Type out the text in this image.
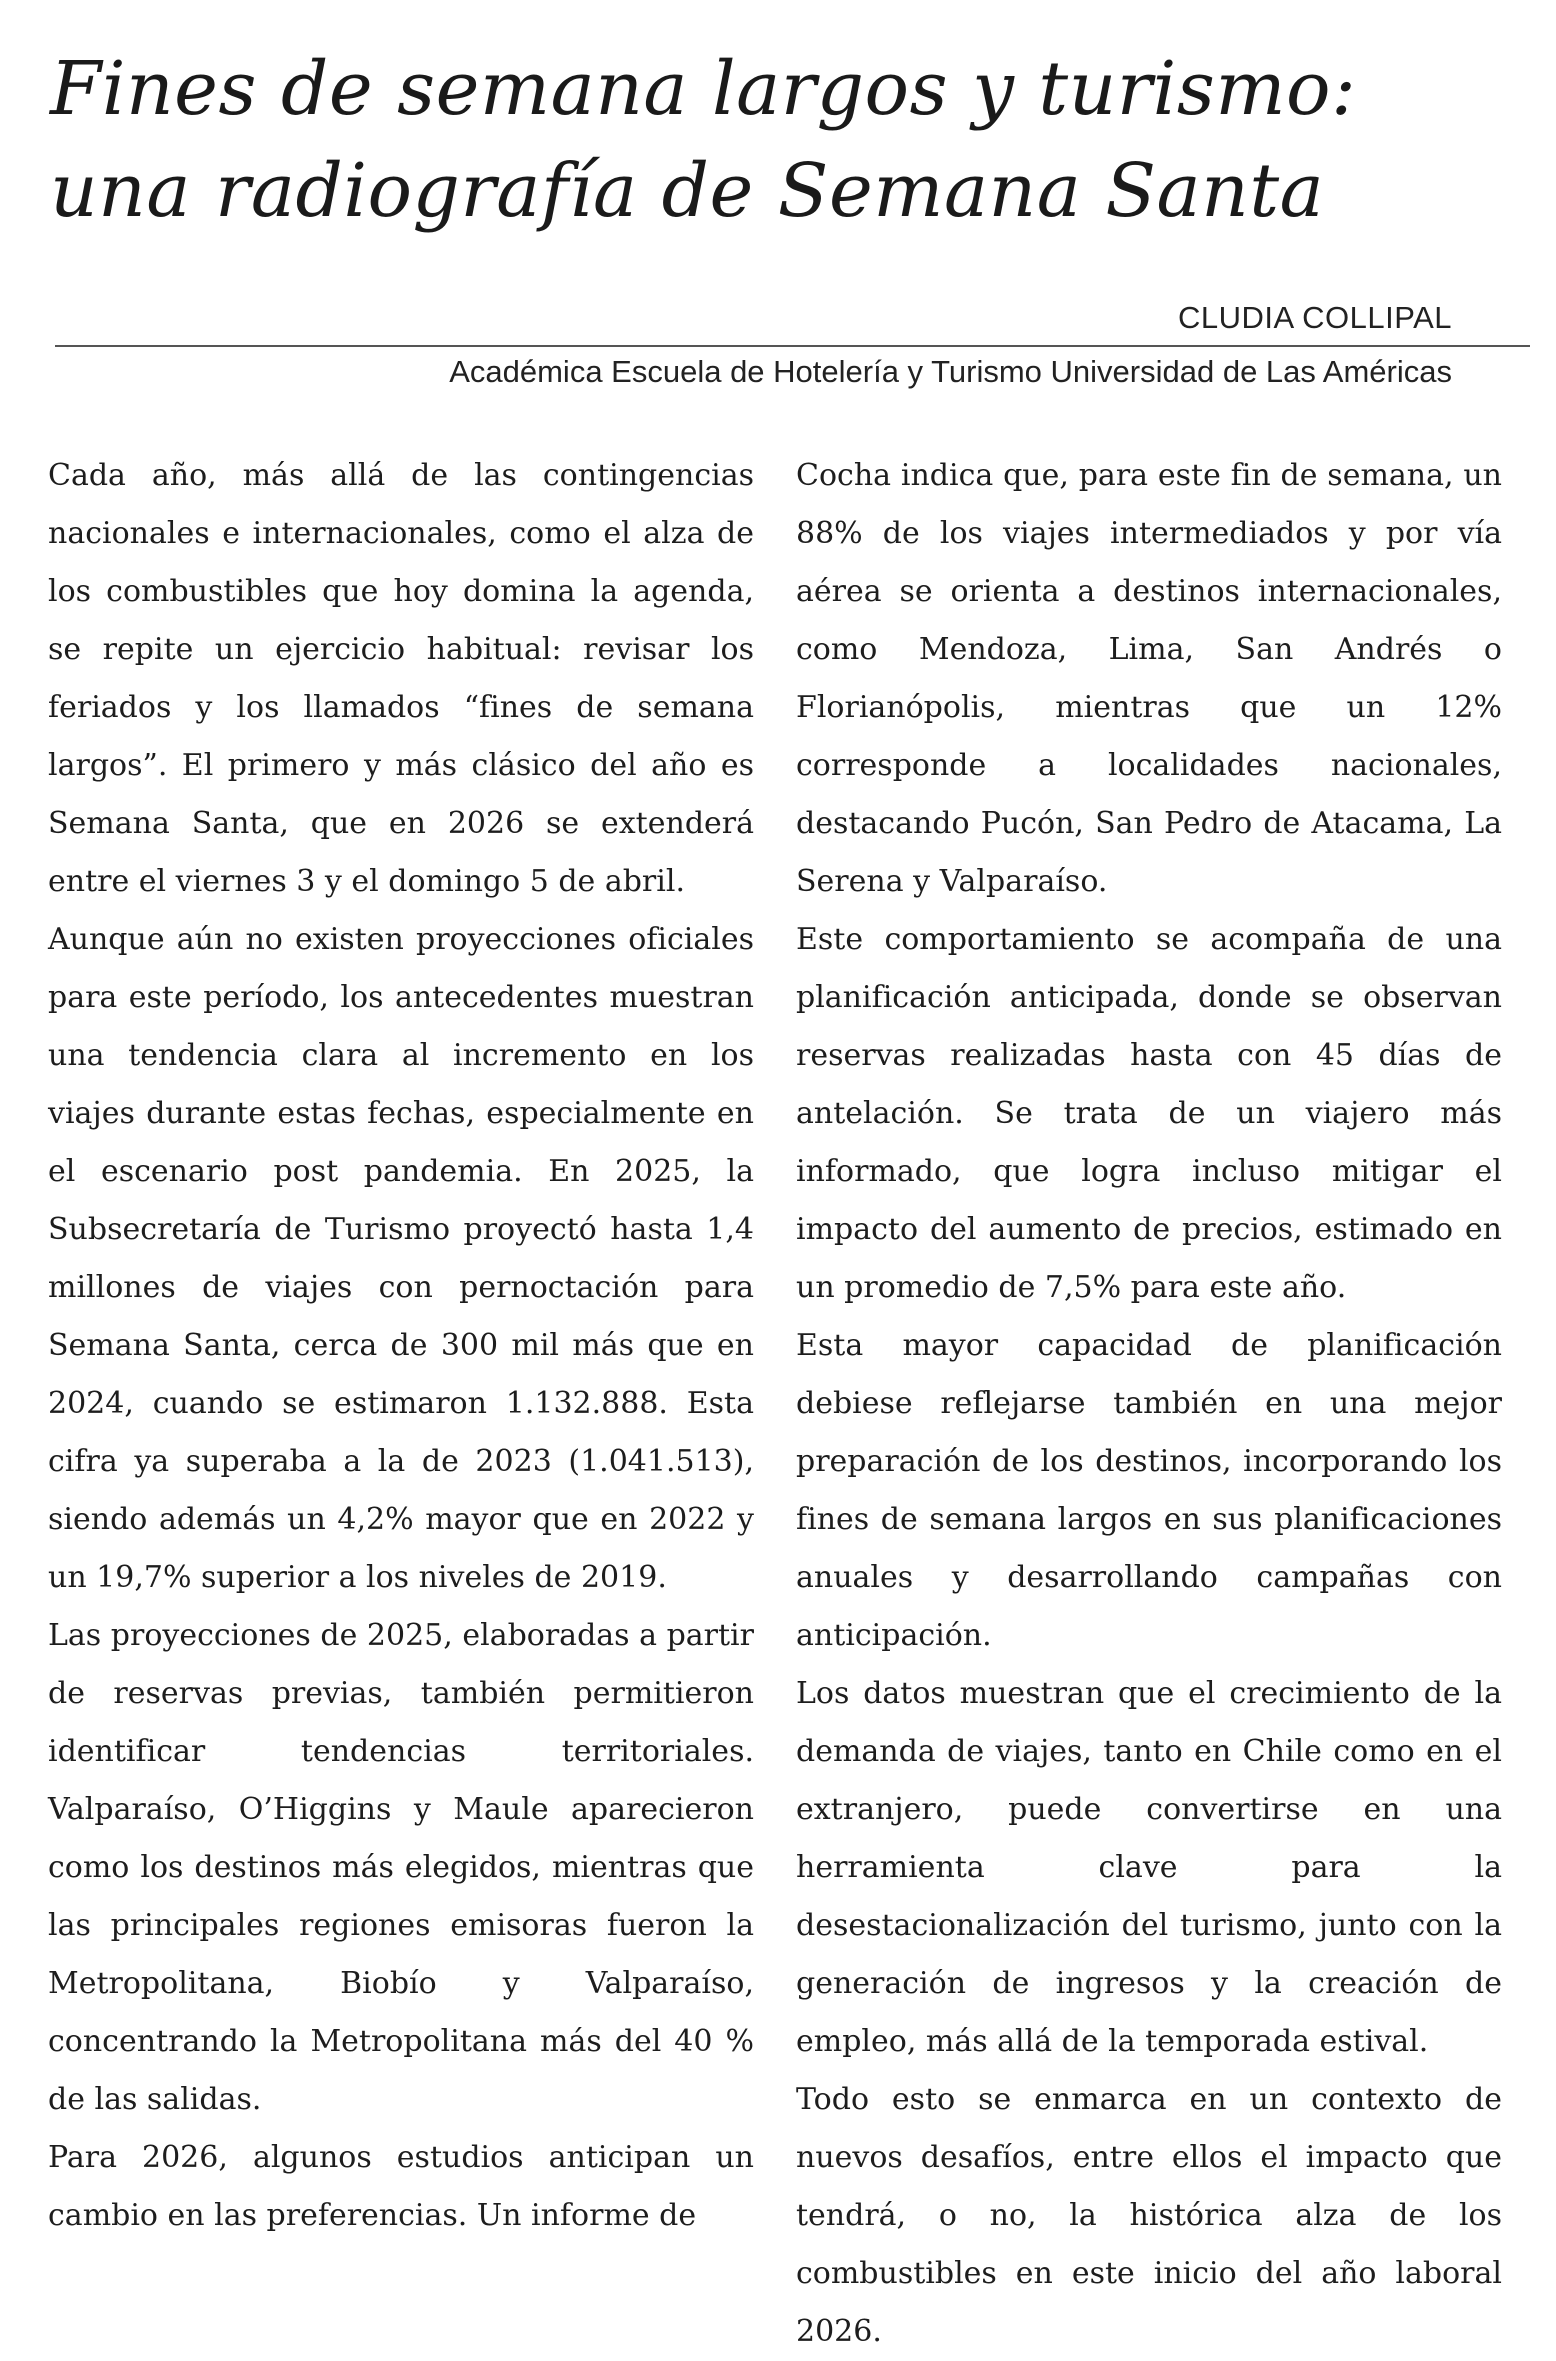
Fines de semana largos y turismo:
una radiografía de Semana Santa
CLUDIA COLLIPAL
Académica Escuela de Hotelería y Turismo Universidad de Las Américas

Cada año, más allá de las contingencias nacionales e internacionales, como el alza de los combustibles que hoy domina la agenda, se repite un ejercicio habitual: revisar los feriados y los llamados “fines de semana largos”. El primero y más clásico del año es Semana Santa, que en 2026 se extenderá entre el viernes 3 y el domingo 5 de abril.

Aunque aún no existen proyecciones oficiales para este período, los antecedentes muestran una tendencia clara al incremento en los viajes durante estas fechas, especialmente en el escenario post pandemia. En 2025, la Subsecretaría de Turismo proyectó hasta 1,4 millones de viajes con pernoctación para Semana Santa, cerca de 300 mil más que en 2024, cuando se estimaron 1.132.888. Esta cifra ya superaba a la de 2023 (1.041.513), siendo además un 4,2% mayor que en 2022 y un 19,7% superior a los niveles de 2019.

Las proyecciones de 2025, elaboradas a partir de reservas previas, también permitieron identificar tendencias territoriales. Valparaíso, O’Higgins y Maule aparecieron como los destinos más elegidos, mientras que las principales regiones emisoras fueron la Metropolitana, Biobío y Valparaíso, concentrando la Metropolitana más del 40 % de las salidas.

Para 2026, algunos estudios anticipan un cambio en las preferencias. Un informe de

Cocha indica que, para este fin de semana, un 88% de los viajes intermediados y por vía aérea se orienta a destinos internacionales, como Mendoza, Lima, San Andrés o Florianópolis, mientras que un 12% corresponde a localidades nacionales, destacando Pucón, San Pedro de Atacama, La Serena y Valparaíso.

Este comportamiento se acompaña de una planificación anticipada, donde se observan reservas realizadas hasta con 45 días de antelación. Se trata de un viajero más informado, que logra incluso mitigar el impacto del aumento de precios, estimado en un promedio de 7,5% para este año.

Esta mayor capacidad de planificación debiese reflejarse también en una mejor preparación de los destinos, incorporando los fines de semana largos en sus planificaciones anuales y desarrollando campañas con anticipación.

Los datos muestran que el crecimiento de la demanda de viajes, tanto en Chile como en el extranjero, puede convertirse en una herramienta clave para la desestacionalización del turismo, junto con la generación de ingresos y la creación de empleo, más allá de la temporada estival.

Todo esto se enmarca en un contexto de nuevos desafíos, entre ellos el impacto que tendrá, o no, la histórica alza de los combustibles en este inicio del año laboral 2026.
